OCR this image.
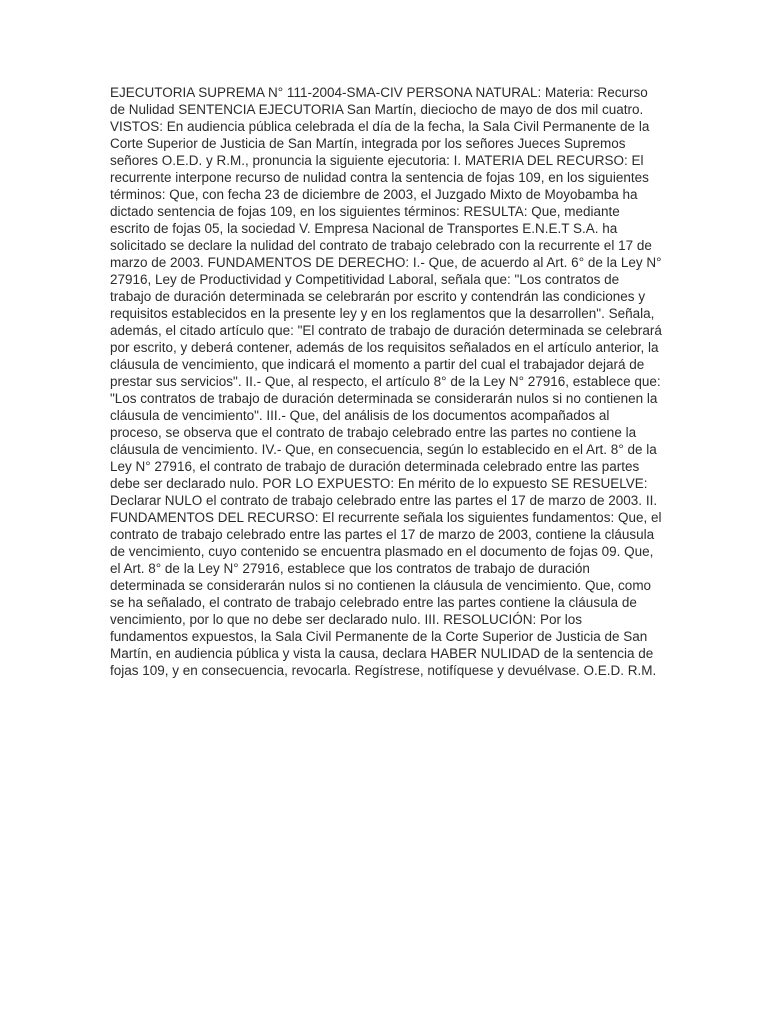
EJECUTORIA SUPREMA N° 111-2004-SMA-CIV PERSONA NATURAL: Materia: Recurso de Nulidad SENTENCIA EJECUTORIA San Martín, dieciocho de mayo de dos mil cuatro. VISTOS: En audiencia pública celebrada el día de la fecha, la Sala Civil Permanente de la Corte Superior de Justicia de San Martín, integrada por los señores Jueces Supremos señores O.E.D. y R.M., pronuncia la siguiente ejecutoria: I. MATERIA DEL RECURSO: El recurrente interpone recurso de nulidad contra la sentencia de fojas 109, en los siguientes términos: Que, con fecha 23 de diciembre de 2003, el Juzgado Mixto de Moyobamba ha dictado sentencia de fojas 109, en los siguientes términos: RESULTA: Que, mediante escrito de fojas 05, la sociedad V. Empresa Nacional de Transportes E.N.E.T S.A. ha solicitado se declare la nulidad del contrato de trabajo celebrado con la recurrente el 17 de marzo de 2003. FUNDAMENTOS DE DERECHO: I.- Que, de acuerdo al Art. 6° de la Ley N° 27916, Ley de Productividad y Competitividad Laboral, señala que: "Los contratos de trabajo de duración determinada se celebrarán por escrito y contendrán las condiciones y requisitos establecidos en la presente ley y en los reglamentos que la desarrollen". Señala, además, el citado artículo que: "El contrato de trabajo de duración determinada se celebrará por escrito, y deberá contener, además de los requisitos señalados en el artículo anterior, la cláusula de vencimiento, que indicará el momento a partir del cual el trabajador dejará de prestar sus servicios". II.- Que, al respecto, el artículo 8° de la Ley N° 27916, establece que: "Los contratos de trabajo de duración determinada se considerarán nulos si no contienen la cláusula de vencimiento". III.- Que, del análisis de los documentos acompañados al proceso, se observa que el contrato de trabajo celebrado entre las partes no contiene la cláusula de vencimiento. IV.- Que, en consecuencia, según lo establecido en el Art. 8° de la Ley N° 27916, el contrato de trabajo de duración determinada celebrado entre las partes debe ser declarado nulo. POR LO EXPUESTO: En mérito de lo expuesto SE RESUELVE: Declarar NULO el contrato de trabajo celebrado entre las partes el 17 de marzo de 2003. II. FUNDAMENTOS DEL RECURSO: El recurrente señala los siguientes fundamentos: Que, el contrato de trabajo celebrado entre las partes el 17 de marzo de 2003, contiene la cláusula de vencimiento, cuyo contenido se encuentra plasmado en el documento de fojas 09. Que, el Art. 8° de la Ley N° 27916, establece que los contratos de trabajo de duración determinada se considerarán nulos si no contienen la cláusula de vencimiento. Que, como se ha señalado, el contrato de trabajo celebrado entre las partes contiene la cláusula de vencimiento, por lo que no debe ser declarado nulo. III. RESOLUCIÓN: Por los fundamentos expuestos, la Sala Civil Permanente de la Corte Superior de Justicia de San Martín, en audiencia pública y vista la causa, declara HABER NULIDAD de la sentencia de fojas 109, y en consecuencia, revocarla. Regístrese, notifíquese y devuélvase. O.E.D. R.M.
